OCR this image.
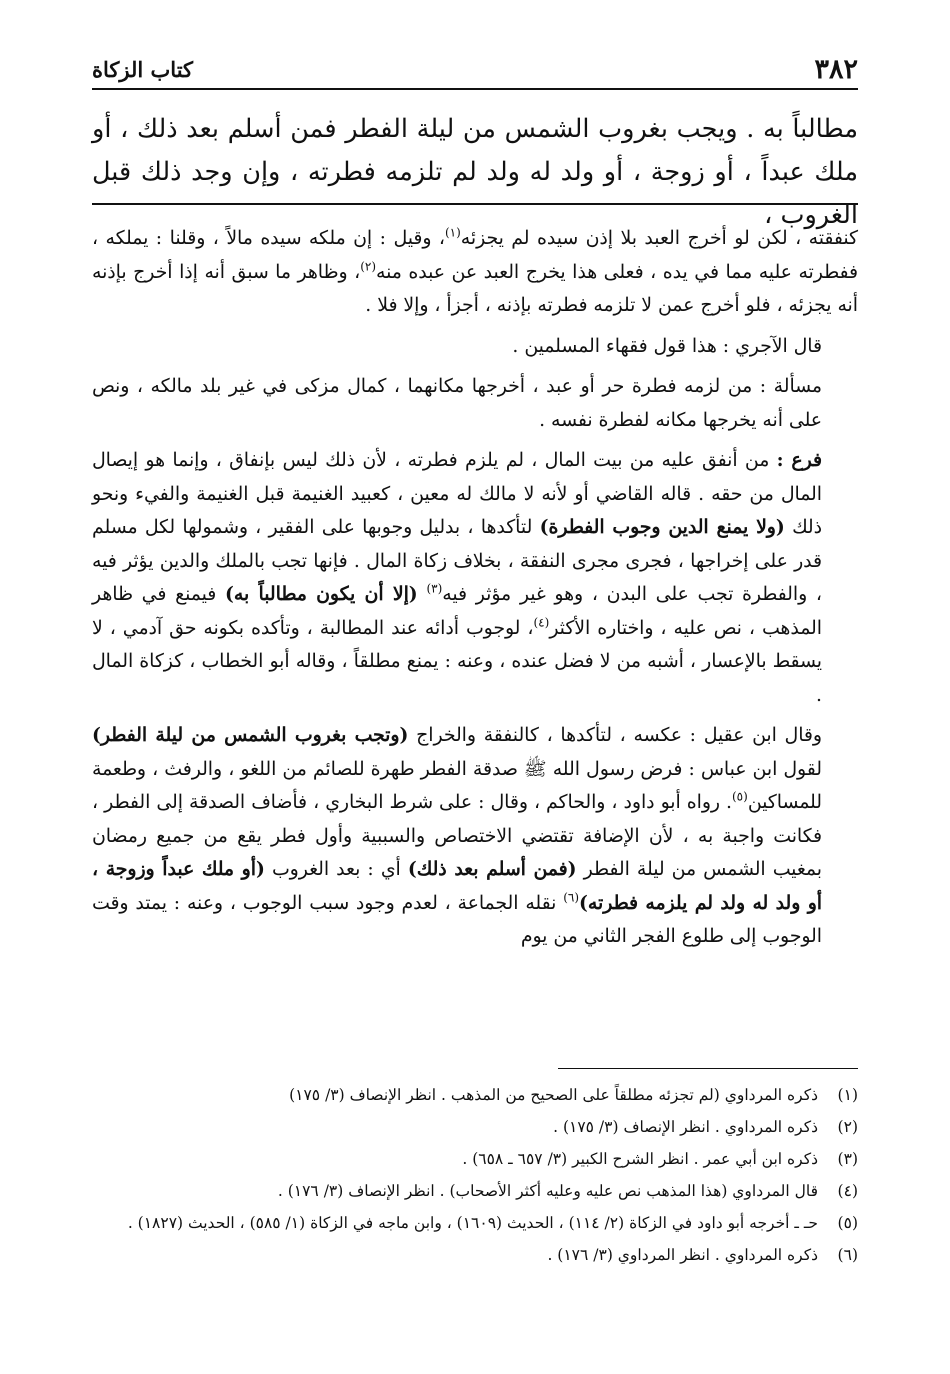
٣٨٢
كتاب الزكاة

مطالباً به . ويجب بغروب الشمس من ليلة الفطر فمن أسلم بعد ذلك ، أو ملك عبداً ، أو زوجة ، أو ولد له ولد لم تلزمه فطرته ، وإن وجد ذلك قبل الغروب ،

كنفقته ، لكن لو أخرج العبد بلا إذن سيده لم يجزئه$^{(١)}$، وقيل : إن ملكه سيده مالاً ، وقلنا : يملكه ، ففطرته عليه مما في يده ، فعلى هذا يخرج العبد عن عبده منه$^{(٢)}$، وظاهر ما سبق أنه إذا أخرج بإذنه أنه يجزئه ، فلو أخرج عمن لا تلزمه فطرته بإذنه ، أجزأ ، وإلا فلا .

قال الآجري : هذا قول فقهاء المسلمين .

مسألة : من لزمه فطرة حر أو عبد ، أخرجها مكانهما ، كمال مزكى في غير بلد مالكه ، ونص على أنه يخرجها مكانه لفطرة نفسه .

فرع : من أنفق عليه من بيت المال ، لم يلزم فطرته ، لأن ذلك ليس بإنفاق ، وإنما هو إيصال المال من حقه . قاله القاضي أو لأنه لا مالك له معين ، كعبيد الغنيمة قبل الغنيمة والفيء ونحو ذلك (ولا يمنع الدين وجوب الفطرة) لتأكدها ، بدليل وجوبها على الفقير ، وشمولها لكل مسلم قدر على إخراجها ، فجرى مجرى النفقة ، بخلاف زكاة المال . فإنها تجب بالملك والدين يؤثر فيه ، والفطرة تجب على البدن ، وهو غير مؤثر فيه$^{(٣)}$ (إلا أن يكون مطالباً به) فيمنع في ظاهر المذهب ، نص عليه ، واختاره الأكثر$^{(٤)}$، لوجوب أدائه عند المطالبة ، وتأكده بكونه حق آدمي ، لا يسقط بالإعسار ، أشبه من لا فضل عنده ، وعنه : يمنع مطلقاً ، وقاله أبو الخطاب ، كزكاة المال .

وقال ابن عقيل : عكسه ، لتأكدها ، كالنفقة والخراج (وتجب بغروب الشمس من ليلة الفطر) لقول ابن عباس : فرض رسول الله ﷺ صدقة الفطر طهرة للصائم من اللغو ، والرفث ، وطعمة للمساكين$^{(٥)}$. رواه أبو داود ، والحاكم ، وقال : على شرط البخاري ، فأضاف الصدقة إلى الفطر ، فكانت واجبة به ، لأن الإضافة تقتضي الاختصاص والسببية وأول فطر يقع من جميع رمضان بمغيب الشمس من ليلة الفطر (فمن أسلم بعد ذلك) أي : بعد الغروب (أو ملك عبداً وزوجة ، أو ولد له ولد لم يلزمه فطرته)$^{(٦)}$ نقله الجماعة ، لعدم وجود سبب الوجوب ، وعنه : يمتد وقت الوجوب إلى طلوع الفجر الثاني من يوم

(١)
ذكره المرداوي (لم تجزئه مطلقاً على الصحيح من المذهب . انظر الإنصاف (٣/ ١٧٥)
(٢)
ذكره المرداوي . انظر الإنصاف (٣/ ١٧٥) .
(٣)
ذكره ابن أبي عمر . انظر الشرح الكبير (٣/ ٦٥٧ ـ ٦٥٨) .
(٤)
قال المرداوي (هذا المذهب نص عليه وعليه أكثر الأصحاب) . انظر الإنصاف (٣/ ١٧٦) .
(٥)
حـ ـ أخرجه أبو داود في الزكاة (٢/ ١١٤) ، الحديث (١٦٠٩) ، وابن ماجه في الزكاة (١/ ٥٨٥) ، الحديث (١٨٢٧) .
(٦)
ذكره المرداوي . انظر المرداوي (٣/ ١٧٦) .
